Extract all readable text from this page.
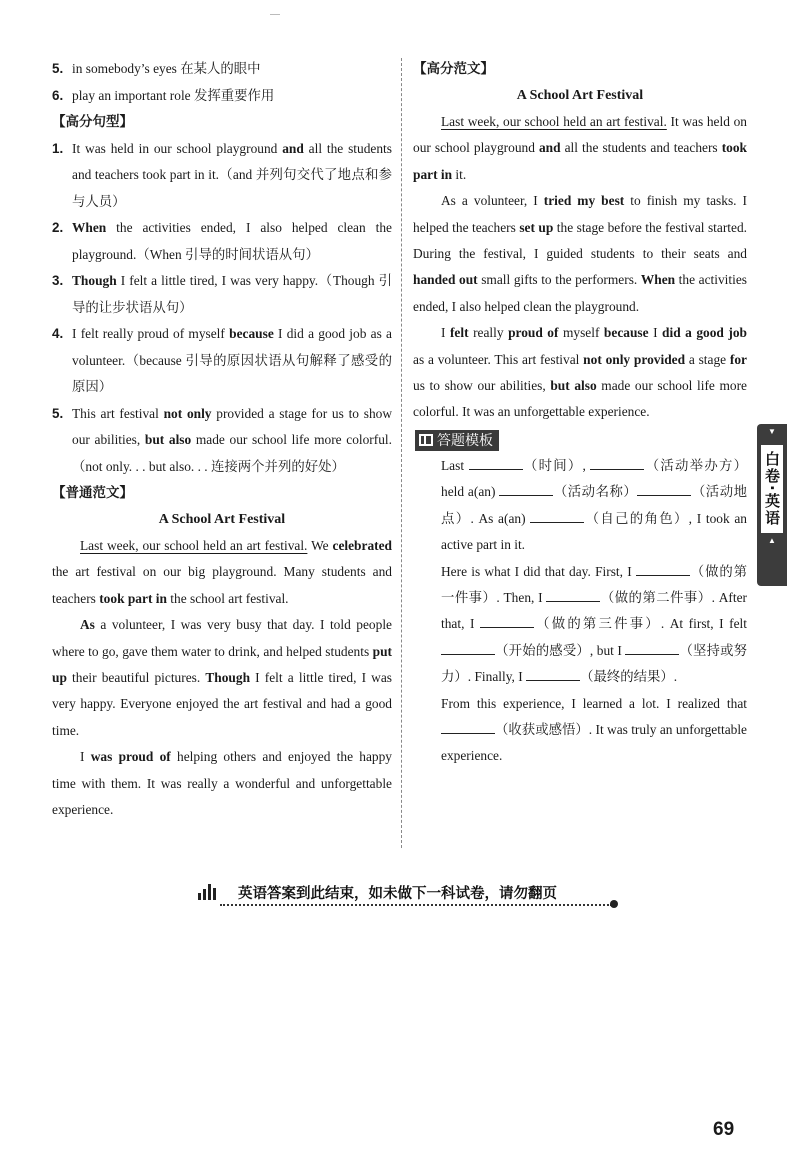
5. in somebody’s eyes 在某人的眼中
6. play an important role 发挥重要作用
【高分句型】
1. It was held in our school playground and all the students and teachers took part in it.（and 并列句交代了地点和参与人员）
2. When the activities ended, I also helped clean the playground.（When 引导的时间状语从句）
3. Though I felt a little tired, I was very happy.（Though 引导的让步状语从句）
4. I felt really proud of myself because I did a good job as a volunteer.（because 引导的原因状语从句解释了感受的原因）
5. This art festival not only provided a stage for us to show our abilities, but also made our school life more colorful.（not only. . . but also. . . 连接两个并列的好处）
【普通范文】
A School Art Festival

Last week, our school held an art festival. We celebrated the art festival on our big playground. Many students and teachers took part in the school art festival.

As a volunteer, I was very busy that day. I told people where to go, gave them water to drink, and helped students put up their beautiful pictures. Though I felt a little tired, I was very happy. Everyone enjoyed the art festival and had a good time.

I was proud of helping others and enjoyed the happy time with them. It was really a wonderful and unforgettable experience.

【高分范文】
A School Art Festival

Last week, our school held an art festival. It was held on our school playground and all the students and teachers took part in it.

As a volunteer, I tried my best to finish my tasks. I helped the teachers set up the stage before the festival started. During the festival, I guided students to their seats and handed out small gifts to the performers. When the activities ended, I also helped clean the playground.

I felt really proud of myself because I did a good job as a volunteer. This art festival not only provided a stage for us to show our abilities, but also made our school life more colorful. It was an unforgettable experience.

答题模板

Last	（时间）,	（活动举办方）held a(an)	（活动名称）	（活动地点）. As a(an)	（自己的角色）, I took an active part in it.

Here is what I did that day. First, I	（做的第一件事）. Then, I	（做的第二件事）. After that, I	（做的第三件事）. At first, I felt （开始的感受）, but I	（坚持或努力）. Finally, I	（最终的结果）.

From this experience, I learned a lot. I realized that （收获或感悟）. It was truly an unforgettable experience.

▼
白卷·英语
▲
英语答案到此结束，如未做下一科试卷，请勿翻页
69
